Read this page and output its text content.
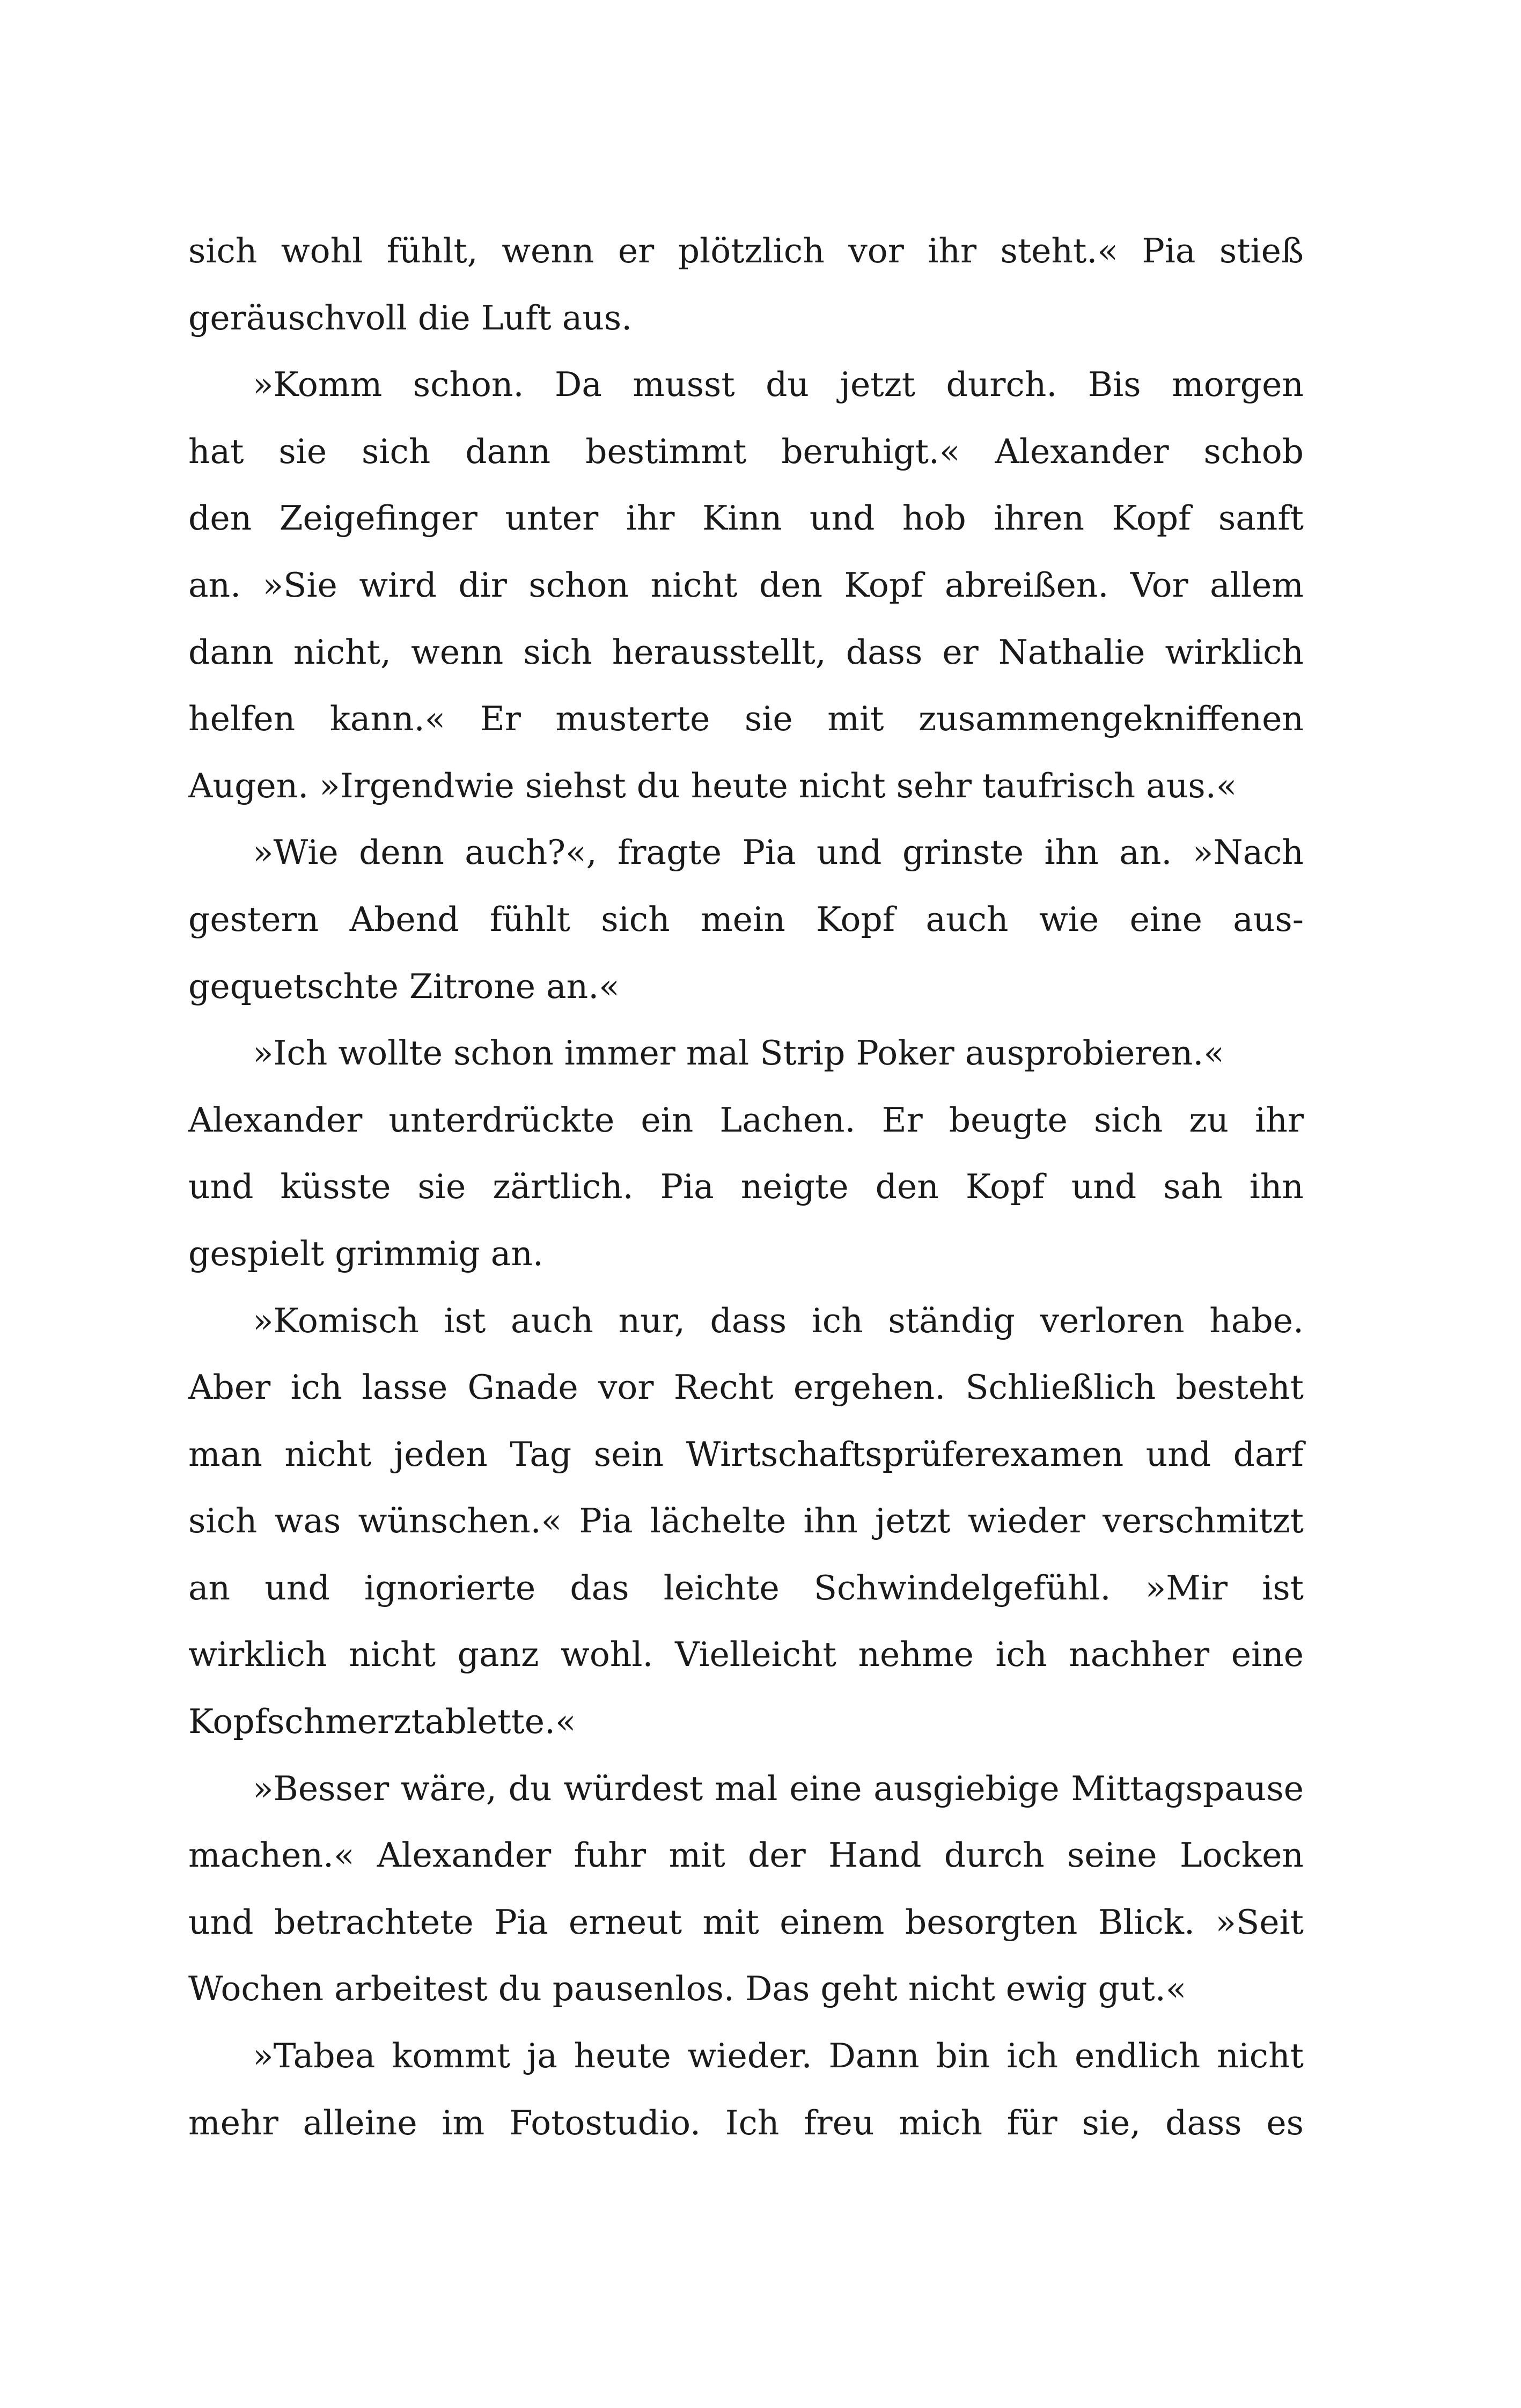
sich wohl fühlt, wenn er plötzlich vor ihr steht.« Pia stieß
geräuschvoll die Luft aus.
»Komm schon. Da musst du jetzt durch. Bis morgen
hat sie sich dann bestimmt beruhigt.« Alexander schob
den Zeigefinger unter ihr Kinn und hob ihren Kopf sanft
an. »Sie wird dir schon nicht den Kopf abreißen. Vor allem
dann nicht, wenn sich herausstellt, dass er Nathalie wirklich
helfen kann.« Er musterte sie mit zusammengekniffenen
Augen. »Irgendwie siehst du heute nicht sehr taufrisch aus.«
»Wie denn auch?«, fragte Pia und grinste ihn an. »Nach
gestern Abend fühlt sich mein Kopf auch wie eine aus-
gequetschte Zitrone an.«
»Ich wollte schon immer mal Strip Poker ausprobieren.«
Alexander unterdrückte ein Lachen. Er beugte sich zu ihr
und küsste sie zärtlich. Pia neigte den Kopf und sah ihn
gespielt grimmig an.
»Komisch ist auch nur, dass ich ständig verloren habe.
Aber ich lasse Gnade vor Recht ergehen. Schließlich besteht
man nicht jeden Tag sein Wirtschaftsprüferexamen und darf
sich was wünschen.« Pia lächelte ihn jetzt wieder verschmitzt
an und ignorierte das leichte Schwindelgefühl. »Mir ist
wirklich nicht ganz wohl. Vielleicht nehme ich nachher eine
Kopfschmerztablette.«
»Besser wäre, du würdest mal eine ausgiebige Mittagspause
machen.« Alexander fuhr mit der Hand durch seine Locken
und betrachtete Pia erneut mit einem besorgten Blick. »Seit
Wochen arbeitest du pausenlos. Das geht nicht ewig gut.«
»Tabea kommt ja heute wieder. Dann bin ich endlich nicht
mehr alleine im Fotostudio. Ich freu mich für sie, dass es
